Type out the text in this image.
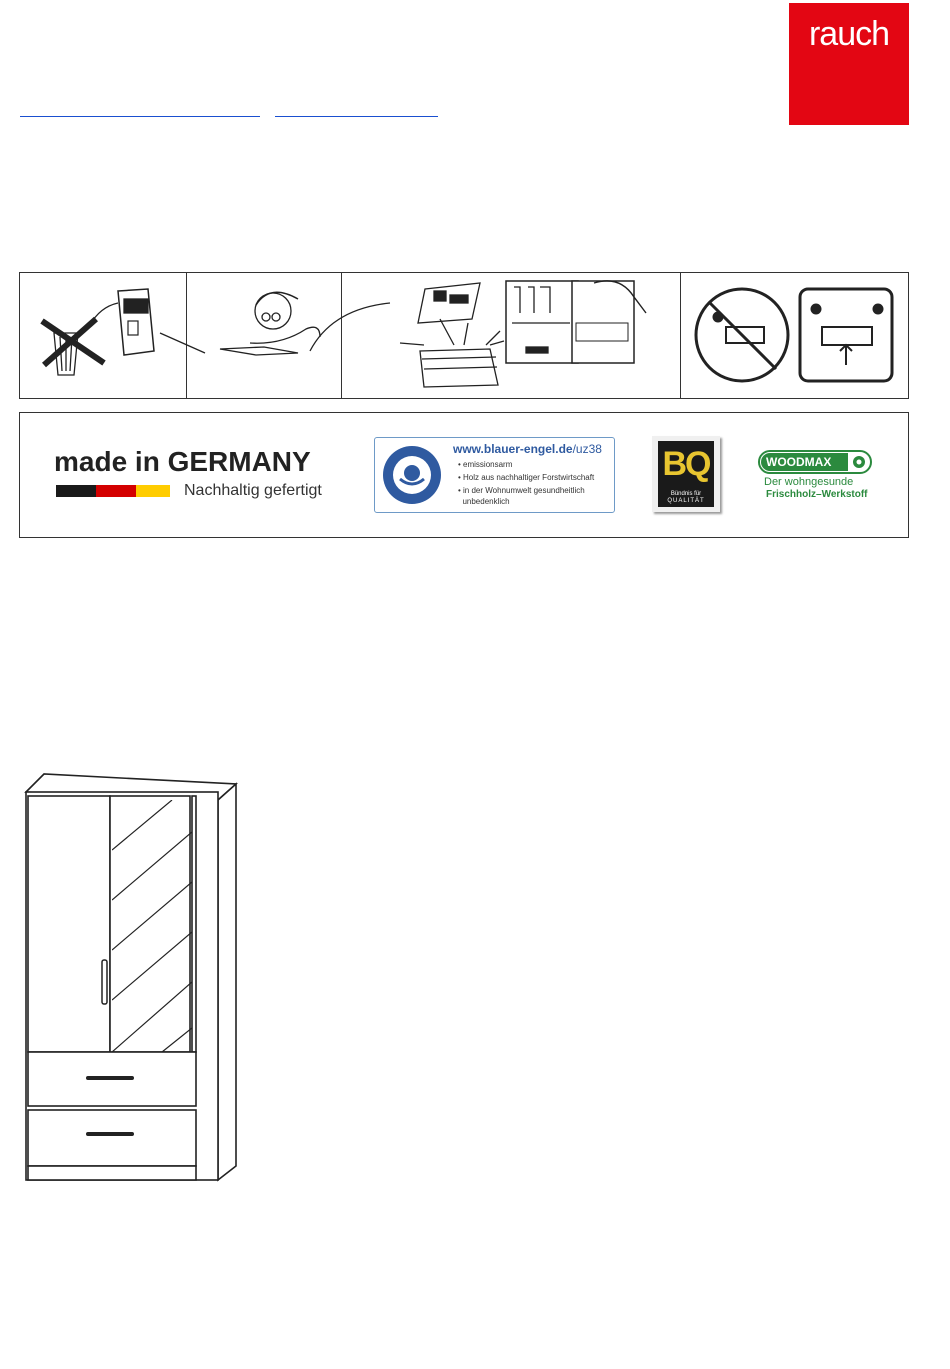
rauch
made in GERMANY
Nachhaltig gefertigt
www.blauer-engel.de/uz38
• emissionsarm
• Holz aus nachhaltiger Forstwirtschaft
• in der Wohnumwelt gesundheitlich
unbedenklich
BQ
Bündnis für
QUALITÄT
WOODMAX
Der wohngesunde
Frischholz–Werkstoff
